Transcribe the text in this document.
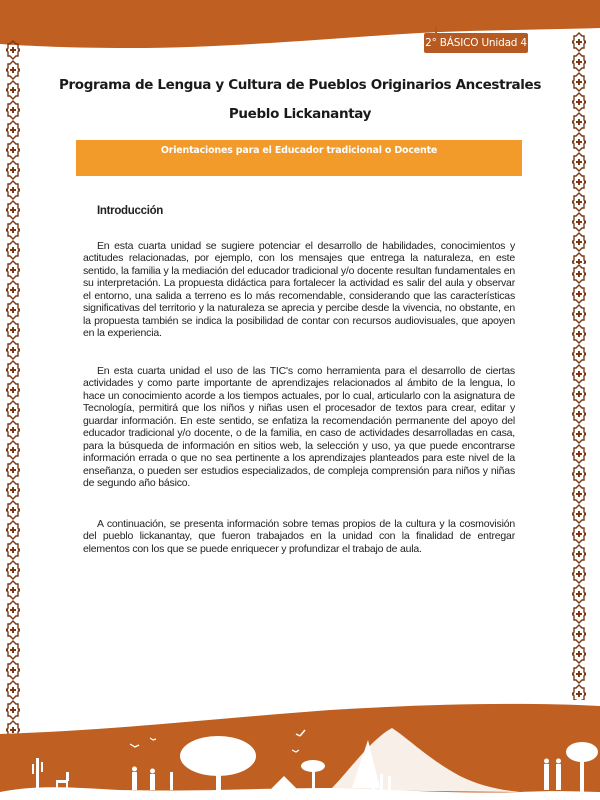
2° BÁSICO Unidad 4
Programa de Lengua y Cultura de Pueblos Originarios Ancestrales
Pueblo Lickanantay
Orientaciones para el Educador tradicional o Docente
Introducción

En esta cuarta unidad se sugiere potenciar el desarrollo de habilidades, conocimientos y actitudes relacionadas, por ejemplo, con los mensajes que entrega la naturaleza, en este sentido, la familia y la mediación del educador tradicional y/o docente resultan fundamentales en su interpretación. La propuesta didáctica para fortalecer la actividad es salir del aula y observar el entorno, una salida a terreno es lo más recomendable, considerando que las características significativas del territorio y la naturaleza se aprecia y percibe desde la vivencia, no obstante, en la propuesta también se indica la posibilidad de contar con recursos audiovisuales, que apoyen en la experiencia.

En esta cuarta unidad el uso de las TIC's como herramienta para el desarrollo de ciertas actividades y como parte importante de aprendizajes relacionados al ámbito de la lengua, lo hace un conocimiento acorde a los tiempos actuales, por lo cual, articularlo con la asignatura de Tecnología, permitirá que los niños y niñas usen el procesador de textos para crear, editar y guardar información. En este sentido, se enfatiza la recomendación permanente del apoyo del educador tradicional y/o docente, o de la familia, en caso de actividades desarrolladas en casa, para la búsqueda de información en sitios web, la selección y uso, ya que puede encontrarse información errada o que no sea pertinente a los aprendizajes planteados para este nivel de la enseñanza, o pueden ser estudios especializados, de compleja comprensión para niños y niñas de segundo año básico.

A continuación, se presenta información sobre temas propios de la cultura y la cosmovisión del pueblo lickanantay, que fueron trabajados en la unidad con la finalidad de entregar elementos con los que se puede enriquecer y profundizar el trabajo de aula.
